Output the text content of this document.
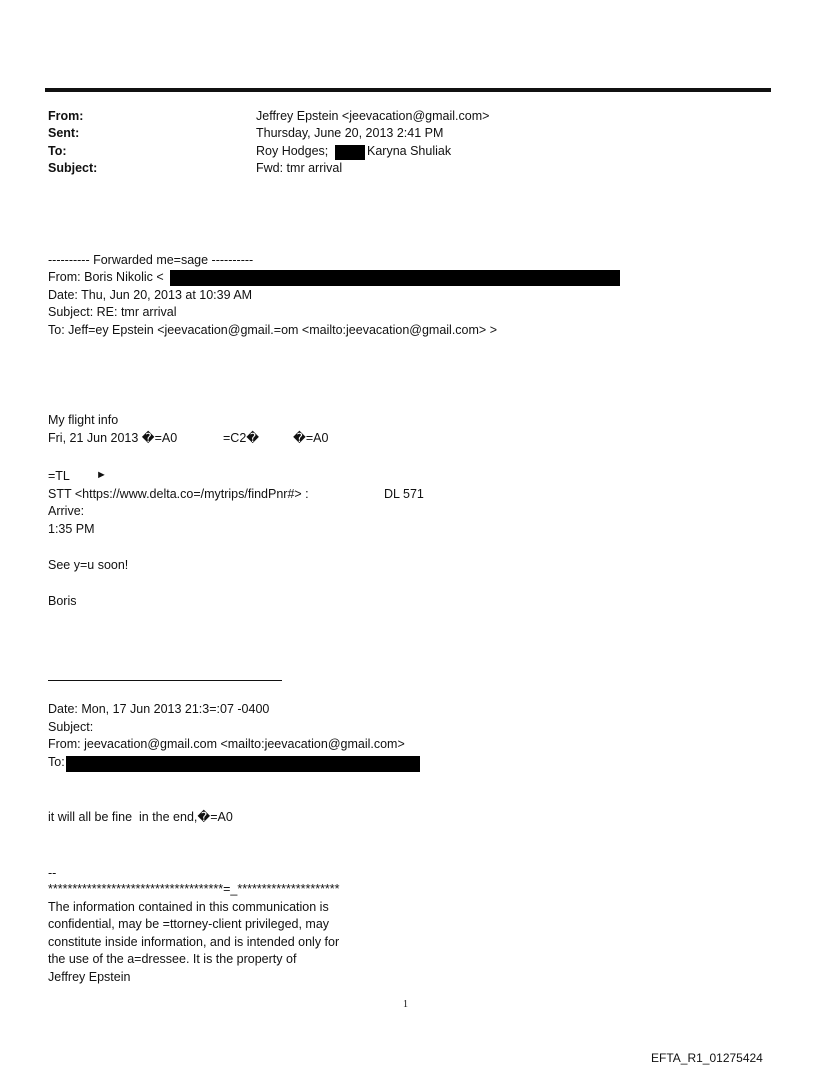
From:	Jeffrey Epstein <jeevacation@gmail.com>
Sent:	Thursday, June 20, 2013 2:41 PM
To:	Roy Hodges;	Karyna Shuliak
Subject:	Fwd: tmr arrival
---------- Forwarded me=sage ----------
From: Boris Nikolic <
Date: Thu, Jun 20, 2013 at 10:39 AM
Subject: RE: tmr arrival
To: Jeff=ey Epstein <jeevacation@gmail.=om <mailto:jeevacation@gmail.com> >
My flight info
Fri, 21 Jun 2013 �=A0	=C2�	�=A0
=TL ►
STT <https://www.delta.co=/mytrips/findPnr#> :	DL 571
Arrive:
1:35 PM
See y=u soon!
Boris
Date: Mon, 17 Jun 2013 21:3=:07 -0400
Subject:
From: jeevacation@gmail.com <mailto:jeevacation@gmail.com>
To:
it will all be fine  in the end,�=A0
--
************************************=_*********************
The information contained in this communication is
confidential, may be =ttorney-client privileged, may
constitute inside information, and is intended only for
the use of the a=dressee. It is the property of
Jeffrey Epstein
1
EFTA_R1_01275424
